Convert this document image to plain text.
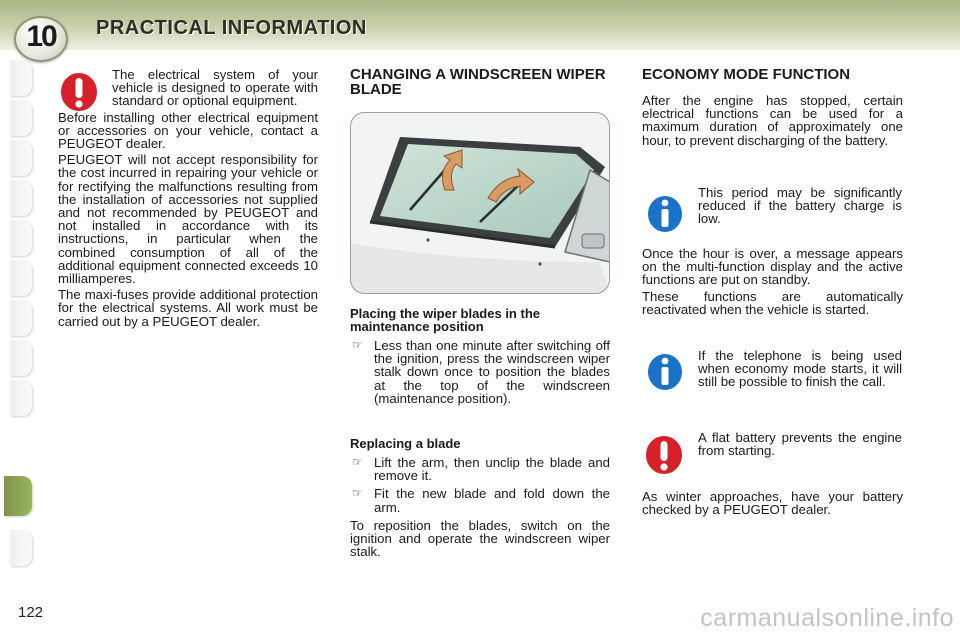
10	PRACTICAL INFORMATION

The electrical system of your vehicle is designed to operate with standard or optional equipment.

Before installing other electrical equipment or accessories on your vehicle, contact a PEUGEOT dealer.

PEUGEOT will not accept responsibility for the cost incurred in repairing your vehicle or for rectifying the malfunctions resulting from the installation of accessories not supplied and not recommended by PEUGEOT and not installed in accordance with its instructions, in particular when the combined consumption of all of the additional equipment connected exceeds 10 milliamperes.

The maxi-fuses provide additional protection for the electrical systems. All work must be carried out by a PEUGEOT dealer.

CHANGING A WINDSCREEN WIPER BLADE
Placing the wiper blades in the maintenance position
☞ Less than one minute after switching off the ignition, press the windscreen wiper stalk down once to position the blades at the top of the windscreen (maintenance position).
Replacing a blade
☞ Lift the arm, then unclip the blade and remove it.
☞ Fit the new blade and fold down the arm.

To reposition the blades, switch on the ignition and operate the windscreen wiper stalk.

ECONOMY MODE FUNCTION

After the engine has stopped, certain electrical functions can be used for a maximum duration of approximately one hour, to prevent discharging of the battery.

This period may be significantly reduced if the battery charge is low.

Once the hour is over, a message appears on the multi-function display and the active functions are put on standby.

These functions are automatically reactivated when the vehicle is started.

If the telephone is being used when economy mode starts, it will still be possible to finish the call.
A flat battery prevents the engine from starting.

As winter approaches, have your battery checked by a PEUGEOT dealer.

122	carmanualsonline.info
